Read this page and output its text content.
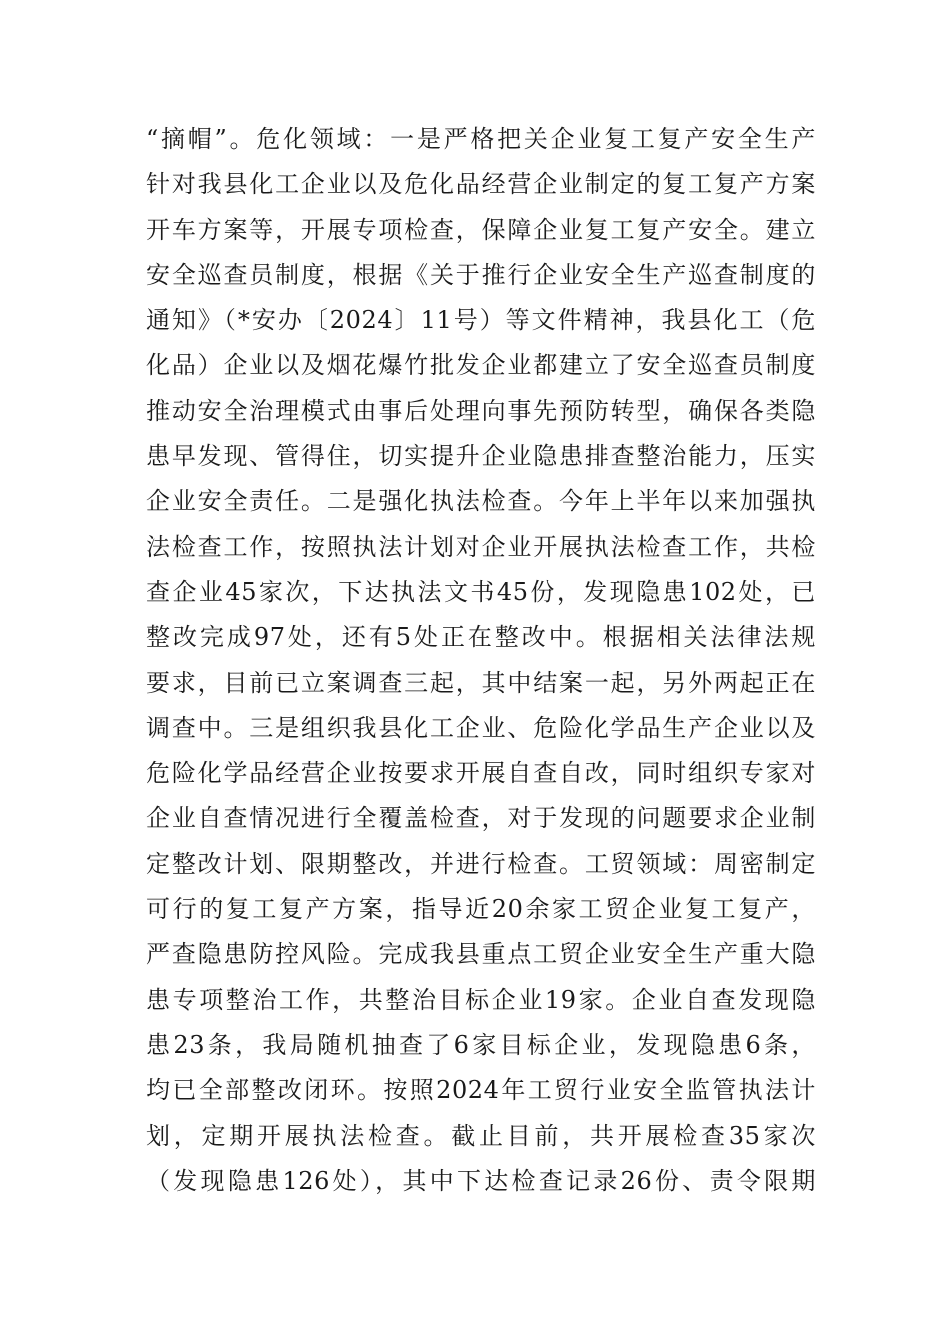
“摘帽”。危化领域：一是严格把关企业复工复产安全生产
针对我县化工企业以及危化品经营企业制定的复工复产方案
开车方案等，开展专项检查，保障企业复工复产安全。建立
安全巡查员制度，根据《关于推行企业安全生产巡查制度的
通知》（*安办〔2024〕11号）等文件精神，我县化工（危
化品）企业以及烟花爆竹批发企业都建立了安全巡查员制度
推动安全治理模式由事后处理向事先预防转型，确保各类隐
患早发现、管得住，切实提升企业隐患排查整治能力，压实
企业安全责任。二是强化执法检查。今年上半年以来加强执
法检查工作，按照执法计划对企业开展执法检查工作，共检
查企业45家次，下达执法文书45份，发现隐患102处，已
整改完成97处，还有5处正在整改中。根据相关法律法规
要求，目前已立案调查三起，其中结案一起，另外两起正在
调查中。三是组织我县化工企业、危险化学品生产企业以及
危险化学品经营企业按要求开展自查自改，同时组织专家对
企业自查情况进行全覆盖检查，对于发现的问题要求企业制
定整改计划、限期整改，并进行检查。工贸领域：周密制定
可行的复工复产方案，指导近20余家工贸企业复工复产，
严查隐患防控风险。完成我县重点工贸企业安全生产重大隐
患专项整治工作，共整治目标企业19家。企业自查发现隐
患23条，我局随机抽查了6家目标企业，发现隐患6条，
均已全部整改闭环。按照2024年工贸行业安全监管执法计
划，定期开展执法检查。截止目前，共开展检查35家次
（发现隐患126处），其中下达检查记录26份、责令限期
